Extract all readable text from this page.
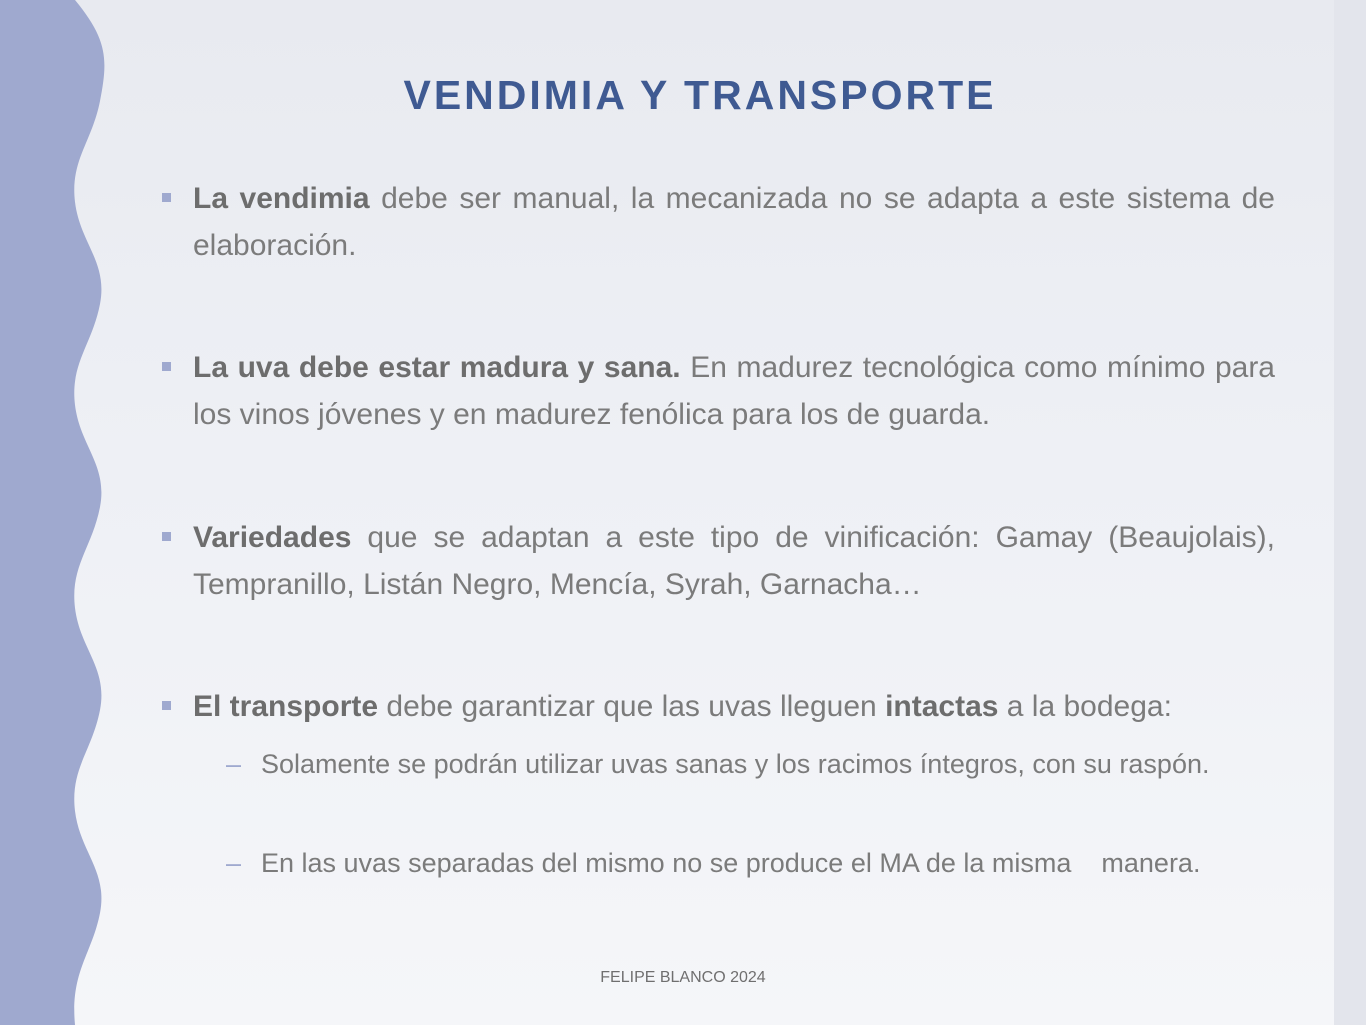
VENDIMIA Y TRANSPORTE
La vendimia debe ser manual, la mecanizada no se adapta a este sistema de elaboración.
La uva debe estar madura y sana. En madurez tecnológica como mínimo para los vinos jóvenes y en madurez fenólica para los de guarda.
Variedades que se adaptan a este tipo de vinificación: Gamay (Beaujolais), Tempranillo, Listán Negro, Mencía, Syrah, Garnacha…
El transporte debe garantizar que las uvas lleguen intactas a la bodega:
– Solamente se podrán utilizar uvas sanas y los racimos íntegros, con su raspón.
– En las uvas separadas del mismo no se produce el MA de la misma    manera.
FELIPE BLANCO 2024
